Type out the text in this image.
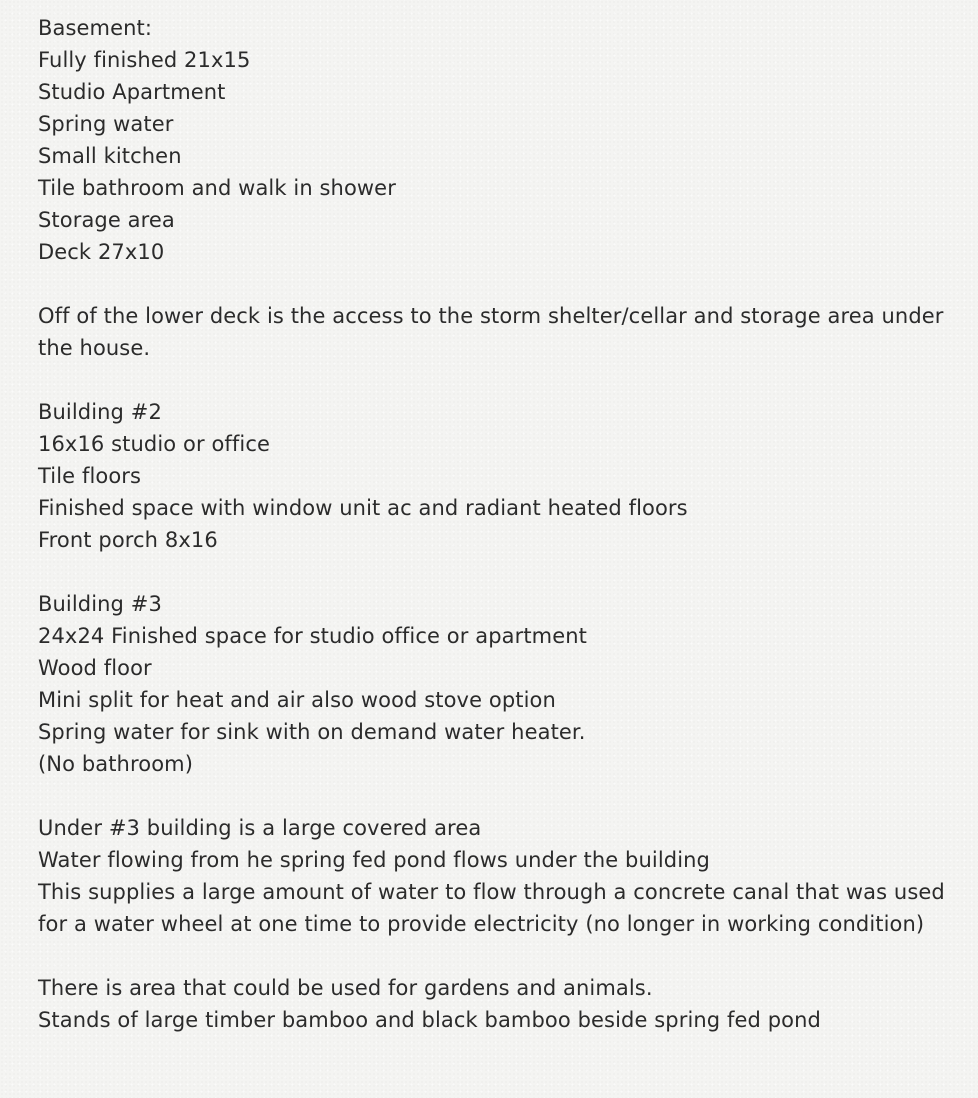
Basement:

Fully finished 21x15

Studio Apartment

Spring water

Small kitchen

Tile bathroom and walk in shower

Storage area

Deck 27x10

Off of the lower deck is the access to the storm shelter/cellar and storage area under the house.

Building #2

16x16 studio or office

Tile floors

Finished space with window unit ac and radiant heated floors

Front porch 8x16

Building #3

24x24 Finished space for studio office or apartment

Wood floor

Mini split for heat and air also wood stove option

Spring water for sink with on demand water heater.

(No bathroom)

Under #3 building is a large covered area

Water flowing from he spring fed pond flows under the building

This supplies a large amount of water to flow through a concrete canal that was used for a water wheel at one time to provide electricity (no longer in working condition)

There is area that could be used for gardens and animals.

Stands of large timber bamboo and black bamboo beside spring fed pond
